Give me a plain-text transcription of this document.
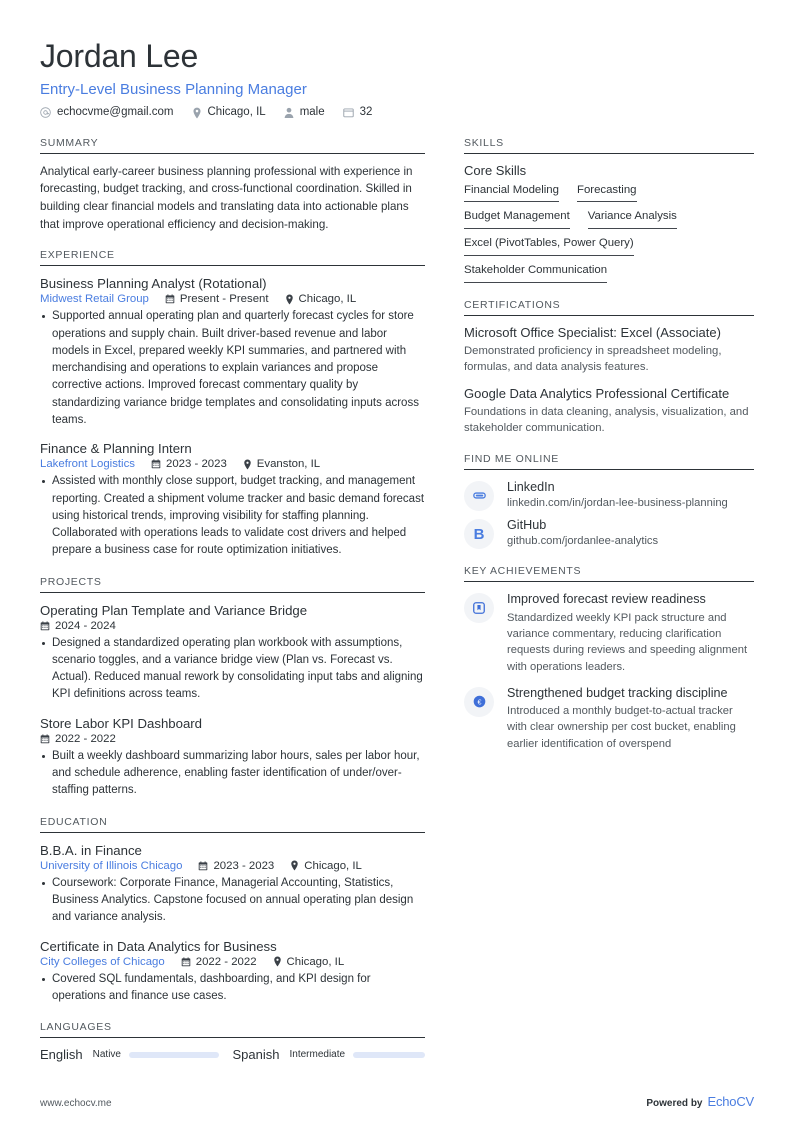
Jordan Lee
Entry-Level Business Planning Manager
echocvme@gmail.com	Chicago, IL	male	32
SUMMARY
Analytical early-career business planning professional with experience in forecasting, budget tracking, and cross-functional coordination. Skilled in building clear financial models and translating data into actionable plans that improve operational efficiency and decision-making.
EXPERIENCE
Business Planning Analyst (Rotational)
Midwest Retail Group	Present - Present	Chicago, IL
Supported annual operating plan and quarterly forecast cycles for store operations and supply chain. Built driver-based revenue and labor models in Excel, prepared weekly KPI summaries, and partnered with merchandising and operations to explain variances and propose corrective actions. Improved forecast commentary quality by standardizing variance bridge templates and consolidating inputs across teams.
Finance & Planning Intern
Lakefront Logistics	2023 - 2023	Evanston, IL
Assisted with monthly close support, budget tracking, and management reporting. Created a shipment volume tracker and basic demand forecast using historical trends, improving visibility for staffing planning. Collaborated with operations leads to validate cost drivers and helped prepare a business case for route optimization initiatives.
PROJECTS
Operating Plan Template and Variance Bridge
2024 - 2024
Designed a standardized operating plan workbook with assumptions, scenario toggles, and a variance bridge view (Plan vs. Forecast vs. Actual). Reduced manual rework by consolidating input tabs and aligning KPI definitions across teams.
Store Labor KPI Dashboard
2022 - 2022
Built a weekly dashboard summarizing labor hours, sales per labor hour, and schedule adherence, enabling faster identification of under/over-staffing patterns.
EDUCATION
B.B.A. in Finance
University of Illinois Chicago	2023 - 2023	Chicago, IL
Coursework: Corporate Finance, Managerial Accounting, Statistics, Business Analytics. Capstone focused on annual operating plan design and variance analysis.
Certificate in Data Analytics for Business
City Colleges of Chicago	2022 - 2022	Chicago, IL
Covered SQL fundamentals, dashboarding, and KPI design for operations and finance use cases.
LANGUAGES
English Native	Spanish Intermediate
SKILLS
Core Skills
Financial Modeling Forecasting
Budget Management Variance Analysis
Excel (PivotTables, Power Query)
Stakeholder Communication
CERTIFICATIONS
Microsoft Office Specialist: Excel (Associate)
Demonstrated proficiency in spreadsheet modeling, formulas, and data analysis features.
Google Data Analytics Professional Certificate
Foundations in data cleaning, analysis, visualization, and stakeholder communication.
FIND ME ONLINE
LinkedIn
linkedin.com/in/jordan-lee-business-planning
B
GitHub
github.com/jordanlee-analytics
KEY ACHIEVEMENTS
Improved forecast review readiness
Standardized weekly KPI pack structure and variance commentary, reducing clarification requests during reviews and speeding alignment with operations leaders.
€
Strengthened budget tracking discipline
Introduced a monthly budget-to-actual tracker with clear ownership per cost bucket, enabling earlier identification of overspend
www.echocv.me	Powered by EchoCV
